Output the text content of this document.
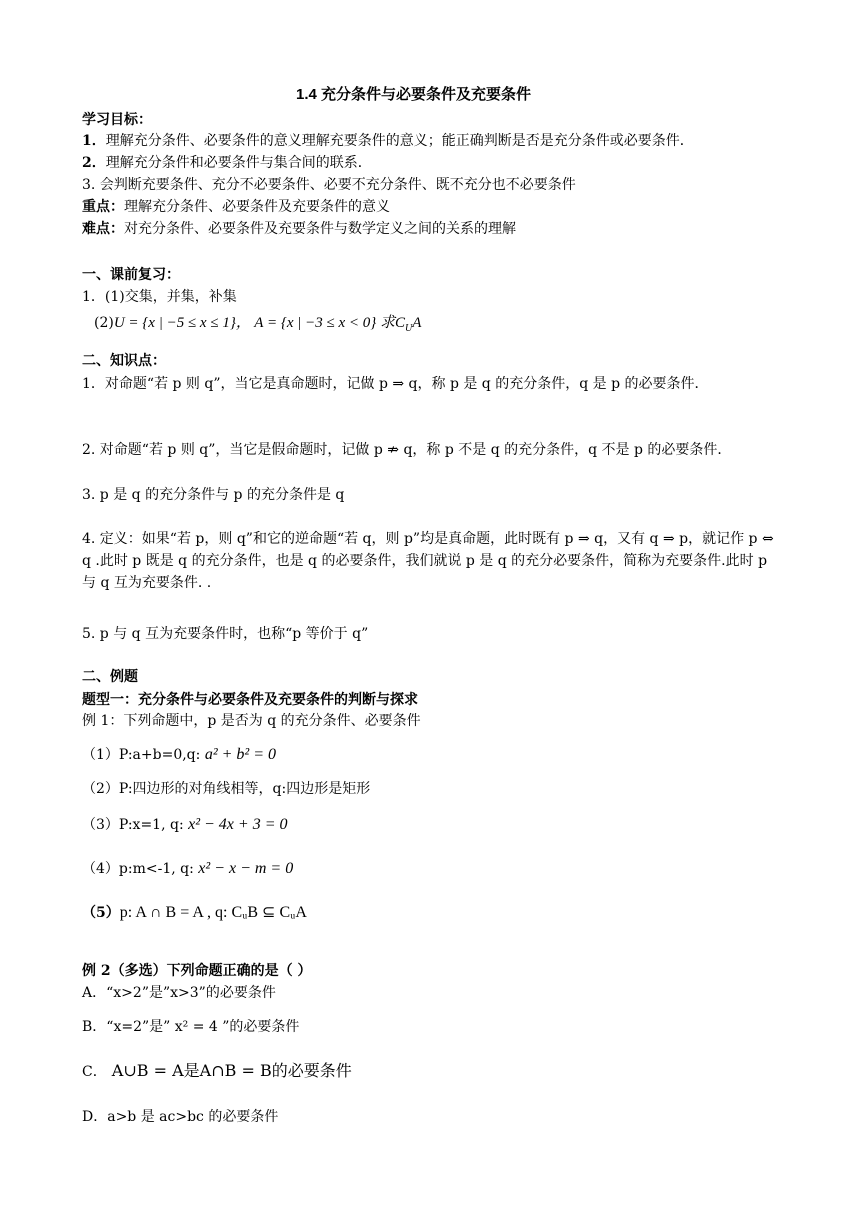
1.4 充分条件与必要条件及充要条件
学习目标：
1．理解充分条件、必要条件的意义理解充要条件的意义；能正确判断是否是充分条件或必要条件．
2．理解充分条件和必要条件与集合间的联系．
3. 会判断充要条件、充分不必要条件、必要不充分条件、既不充分也不必要条件
重点：理解充分条件、必要条件及充要条件的意义
难点：对充分条件、必要条件及充要条件与数学定义之间的关系的理解
一、课前复习：
1．(1)交集，并集，补集
(2)U = {x | −5 ≤ x ≤ 1}， A = {x | −3 ≤ x < 0} 求$C_UA$
二、知识点：
1．对命题“若 p 则 q”，当它是真命题时，记做 p ⇒ q，称 p 是 q 的充分条件，q 是 p 的必要条件．
2. 对命题“若 p 则 q”，当它是假命题时，记做 p ⇏ q，称 p 不是 q 的充分条件，q 不是 p 的必要条件．
3. p 是 q 的充分条件与 p 的充分条件是 q
4. 定义：如果“若 p，则 q”和它的逆命题“若 q，则 p”均是真命题，此时既有 p ⇒ q，又有 q ⇒ p，就记作 p ⇔ q .此时 p 既是 q 的充分条件，也是 q 的必要条件，我们就说 p 是 q 的充分必要条件，简称为充要条件.此时 p 与 q 互为充要条件. .
5. p 与 q 互为充要条件时，也称“p 等价于 q”
二、例题
题型一：充分条件与必要条件及充要条件的判断与探求
例 1：下列命题中，p 是否为 q 的充分条件、必要条件
（1）P:a+b=0,q: a² + b² = 0
（2）P:四边形的对角线相等，q:四边形是矩形
（3）P:x=1, q: x² − 4x + 3 = 0
（4）p:m<-1, q: x² − x − m = 0
（5）p: A ∩ B = A , q: CᵤB ⊆ CᵤA
例 2（多选）下列命题正确的是（ ）
A．“x>2”是”x>3”的必要条件
B．“x=2”是” x² = 4 ”的必要条件
C． A∪B = A是A∩B = B的必要条件
D．a>b 是 ac>bc 的必要条件
